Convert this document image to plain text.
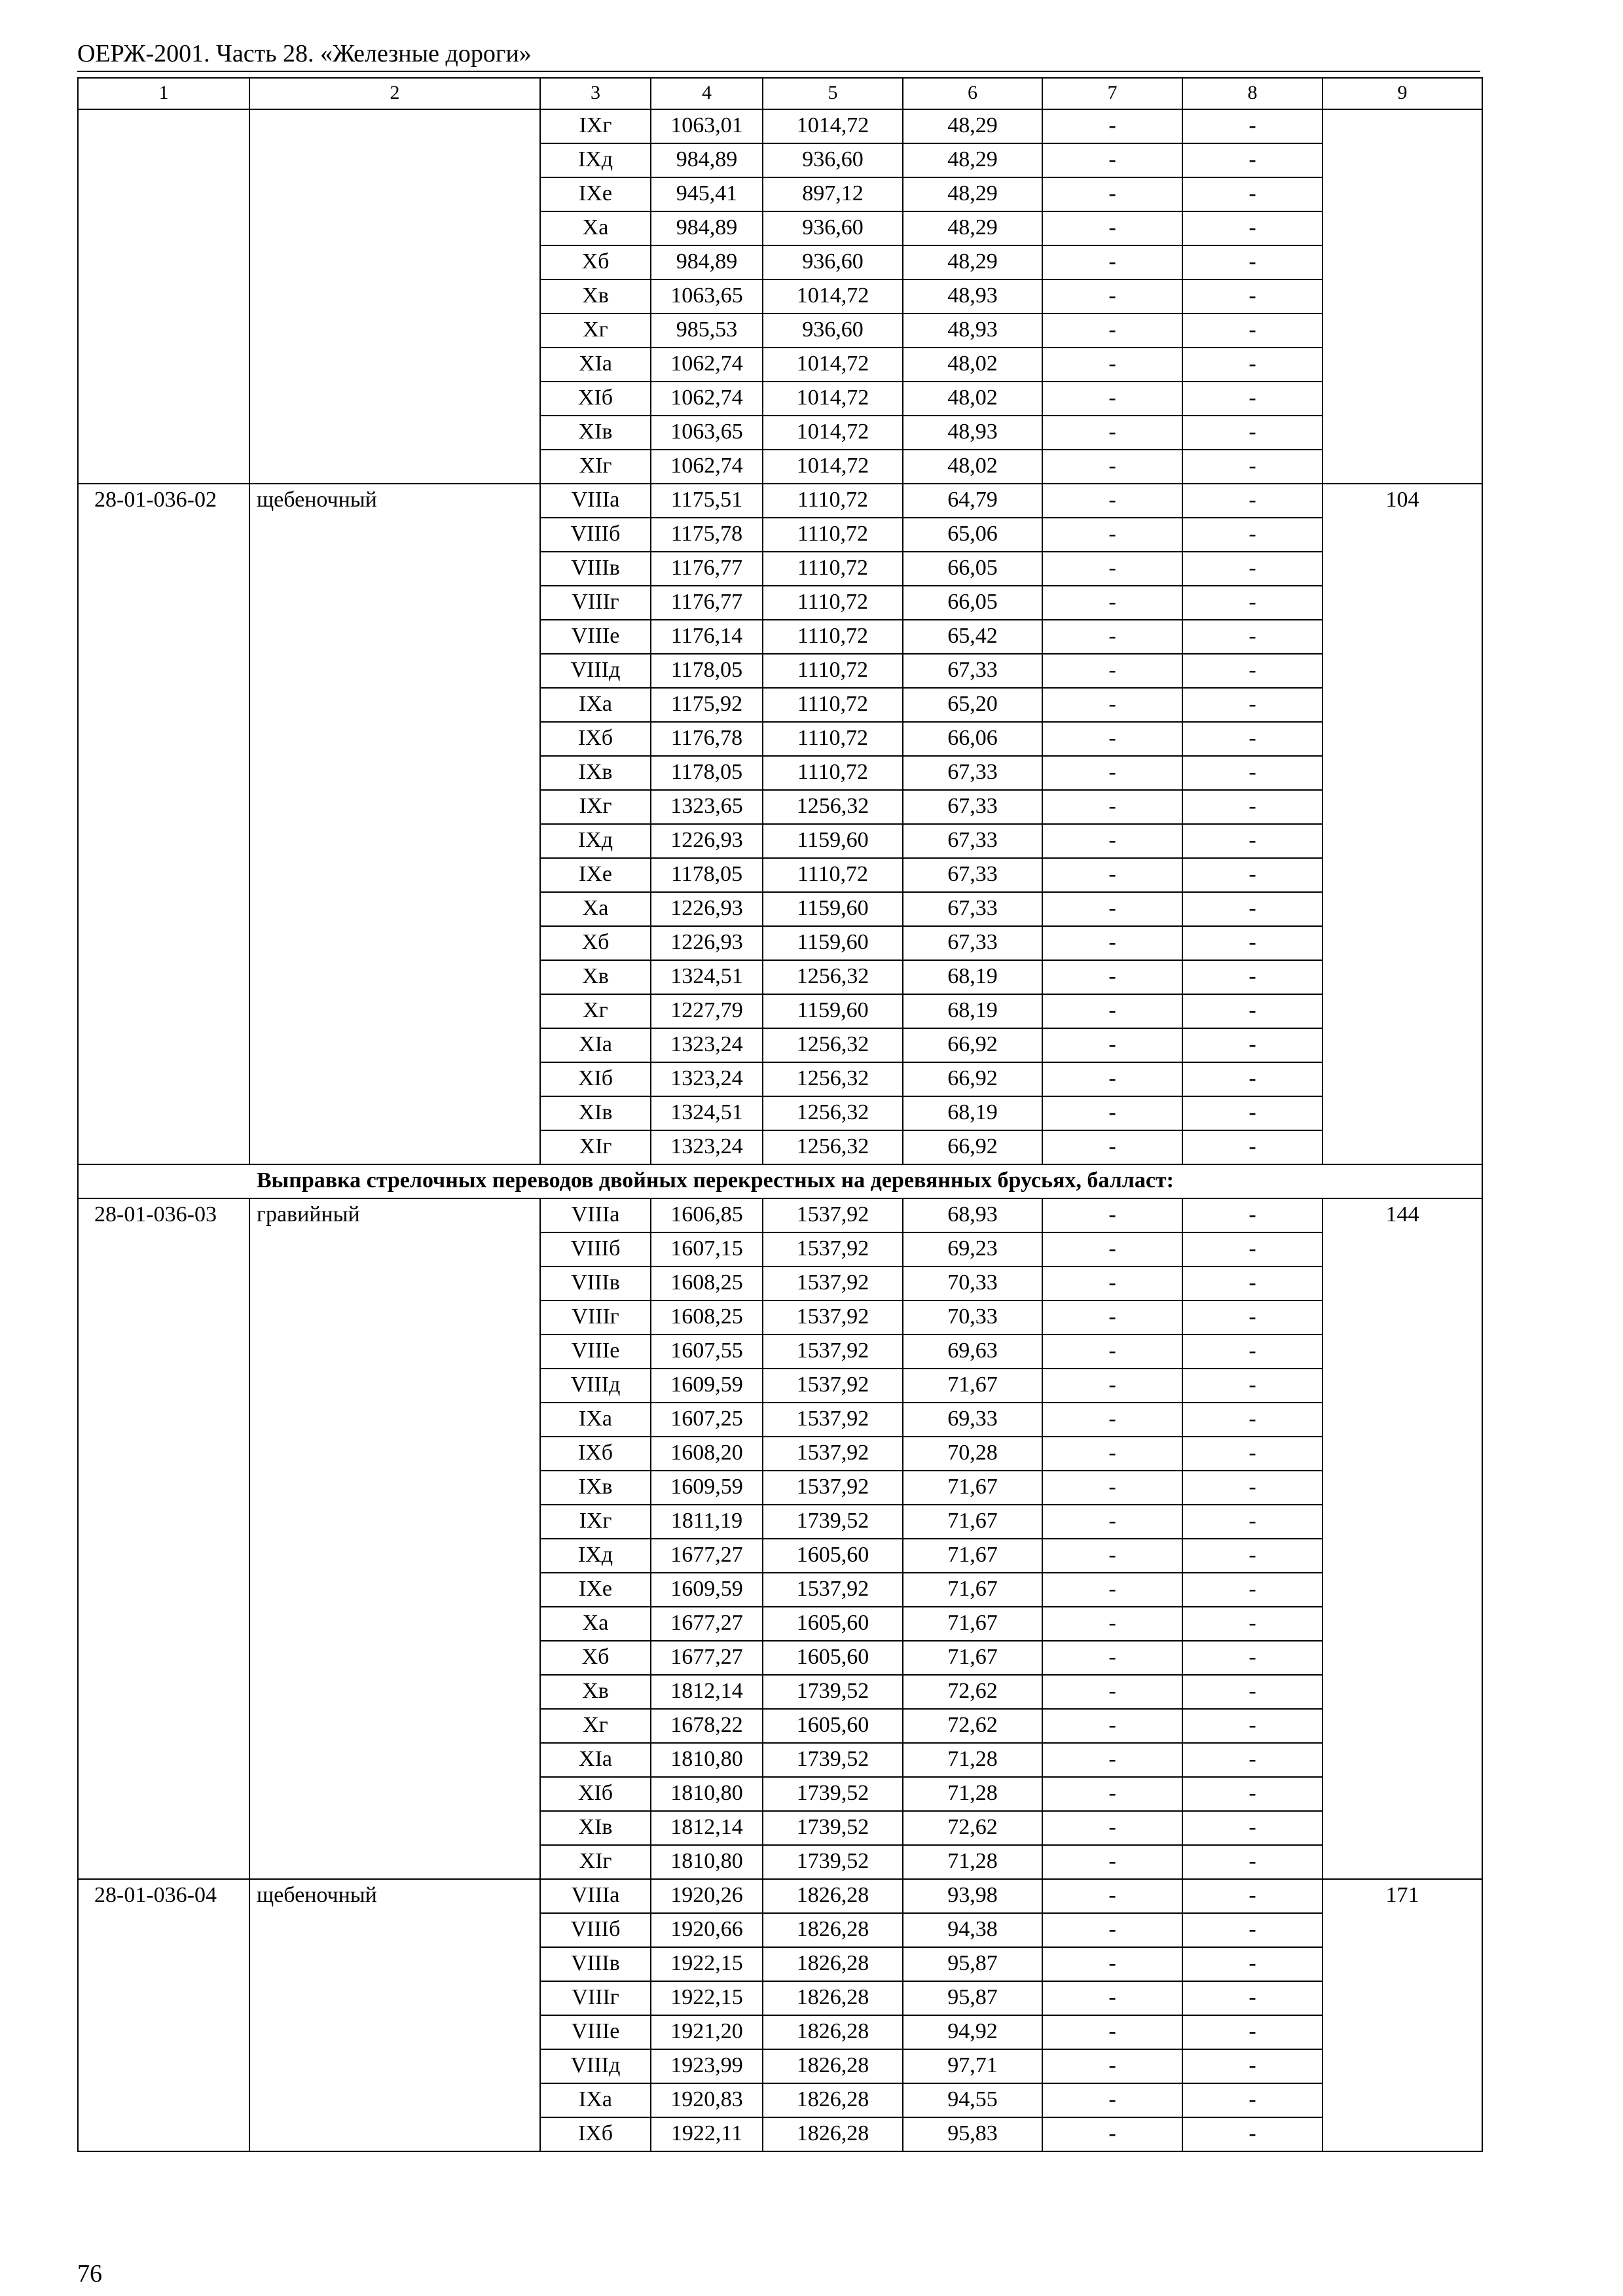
ОЕРЖ-2001. Часть 28. «Железные дороги»
1	2	3	4	5	6	7	8	9
		IXг	1063,01	1014,72	48,29	-	-	
		IXд	984,89	936,60	48,29	-	-	
		IXе	945,41	897,12	48,29	-	-	
		Xа	984,89	936,60	48,29	-	-	
		Xб	984,89	936,60	48,29	-	-	
		Xв	1063,65	1014,72	48,93	-	-	
		Xг	985,53	936,60	48,93	-	-	
		XIа	1062,74	1014,72	48,02	-	-	
		XIб	1062,74	1014,72	48,02	-	-	
		XIв	1063,65	1014,72	48,93	-	-	
		XIг	1062,74	1014,72	48,02	-	-	
28-01-036-02	щебеночный	VIIIа	1175,51	1110,72	64,79	-	-	104
		VIIIб	1175,78	1110,72	65,06	-	-	
		VIIIв	1176,77	1110,72	66,05	-	-	
		VIIIг	1176,77	1110,72	66,05	-	-	
		VIIIе	1176,14	1110,72	65,42	-	-	
		VIIIд	1178,05	1110,72	67,33	-	-	
		IXа	1175,92	1110,72	65,20	-	-	
		IXб	1176,78	1110,72	66,06	-	-	
		IXв	1178,05	1110,72	67,33	-	-	
		IXг	1323,65	1256,32	67,33	-	-	
		IXд	1226,93	1159,60	67,33	-	-	
		IXе	1178,05	1110,72	67,33	-	-	
		Xа	1226,93	1159,60	67,33	-	-	
		Xб	1226,93	1159,60	67,33	-	-	
		Xв	1324,51	1256,32	68,19	-	-	
		Xг	1227,79	1159,60	68,19	-	-	
		XIа	1323,24	1256,32	66,92	-	-	
		XIб	1323,24	1256,32	66,92	-	-	
		XIв	1324,51	1256,32	68,19	-	-	
		XIг	1323,24	1256,32	66,92	-	-	
Выправка стрелочных переводов двойных перекрестных на деревянных брусьях, балласт:								
28-01-036-03	гравийный	VIIIа	1606,85	1537,92	68,93	-	-	144
		VIIIб	1607,15	1537,92	69,23	-	-	
		VIIIв	1608,25	1537,92	70,33	-	-	
		VIIIг	1608,25	1537,92	70,33	-	-	
		VIIIе	1607,55	1537,92	69,63	-	-	
		VIIIд	1609,59	1537,92	71,67	-	-	
		IXа	1607,25	1537,92	69,33	-	-	
		IXб	1608,20	1537,92	70,28	-	-	
		IXв	1609,59	1537,92	71,67	-	-	
		IXг	1811,19	1739,52	71,67	-	-	
		IXд	1677,27	1605,60	71,67	-	-	
		IXе	1609,59	1537,92	71,67	-	-	
		Xа	1677,27	1605,60	71,67	-	-	
		Xб	1677,27	1605,60	71,67	-	-	
		Xв	1812,14	1739,52	72,62	-	-	
		Xг	1678,22	1605,60	72,62	-	-	
		XIа	1810,80	1739,52	71,28	-	-	
		XIб	1810,80	1739,52	71,28	-	-	
		XIв	1812,14	1739,52	72,62	-	-	
		XIг	1810,80	1739,52	71,28	-	-	
28-01-036-04	щебеночный	VIIIа	1920,26	1826,28	93,98	-	-	171
		VIIIб	1920,66	1826,28	94,38	-	-	
		VIIIв	1922,15	1826,28	95,87	-	-	
		VIIIг	1922,15	1826,28	95,87	-	-	
		VIIIе	1921,20	1826,28	94,92	-	-	
		VIIIд	1923,99	1826,28	97,71	-	-	
		IXа	1920,83	1826,28	94,55	-	-	
		IXб	1922,11	1826,28	95,83	-	-	
76
